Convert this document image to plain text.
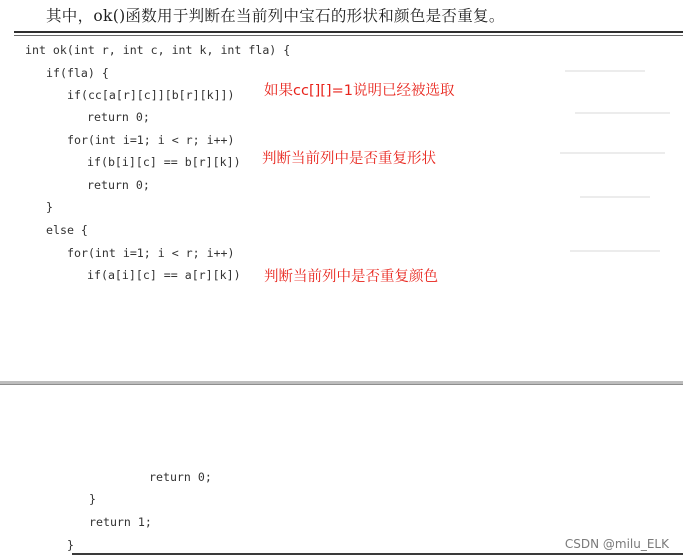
其中，ok()函数用于判断在当前列中宝石的形状和颜色是否重复。
int ok(int r, int c, int k, int fla) {
if(fla) {
if(cc[a[r][c]][b[r][k]])
return 0;
for(int i=1; i < r; i++)
if(b[i][c] == b[r][k])
return 0;
}
else {
for(int i=1; i < r; i++)
if(a[i][c] == a[r][k])
如果cc[][]=1说明已经被选取
判断当前列中是否重复形状
判断当前列中是否重复颜色
return 0;
}
return 1;
}	CSDN @milu_ELK
